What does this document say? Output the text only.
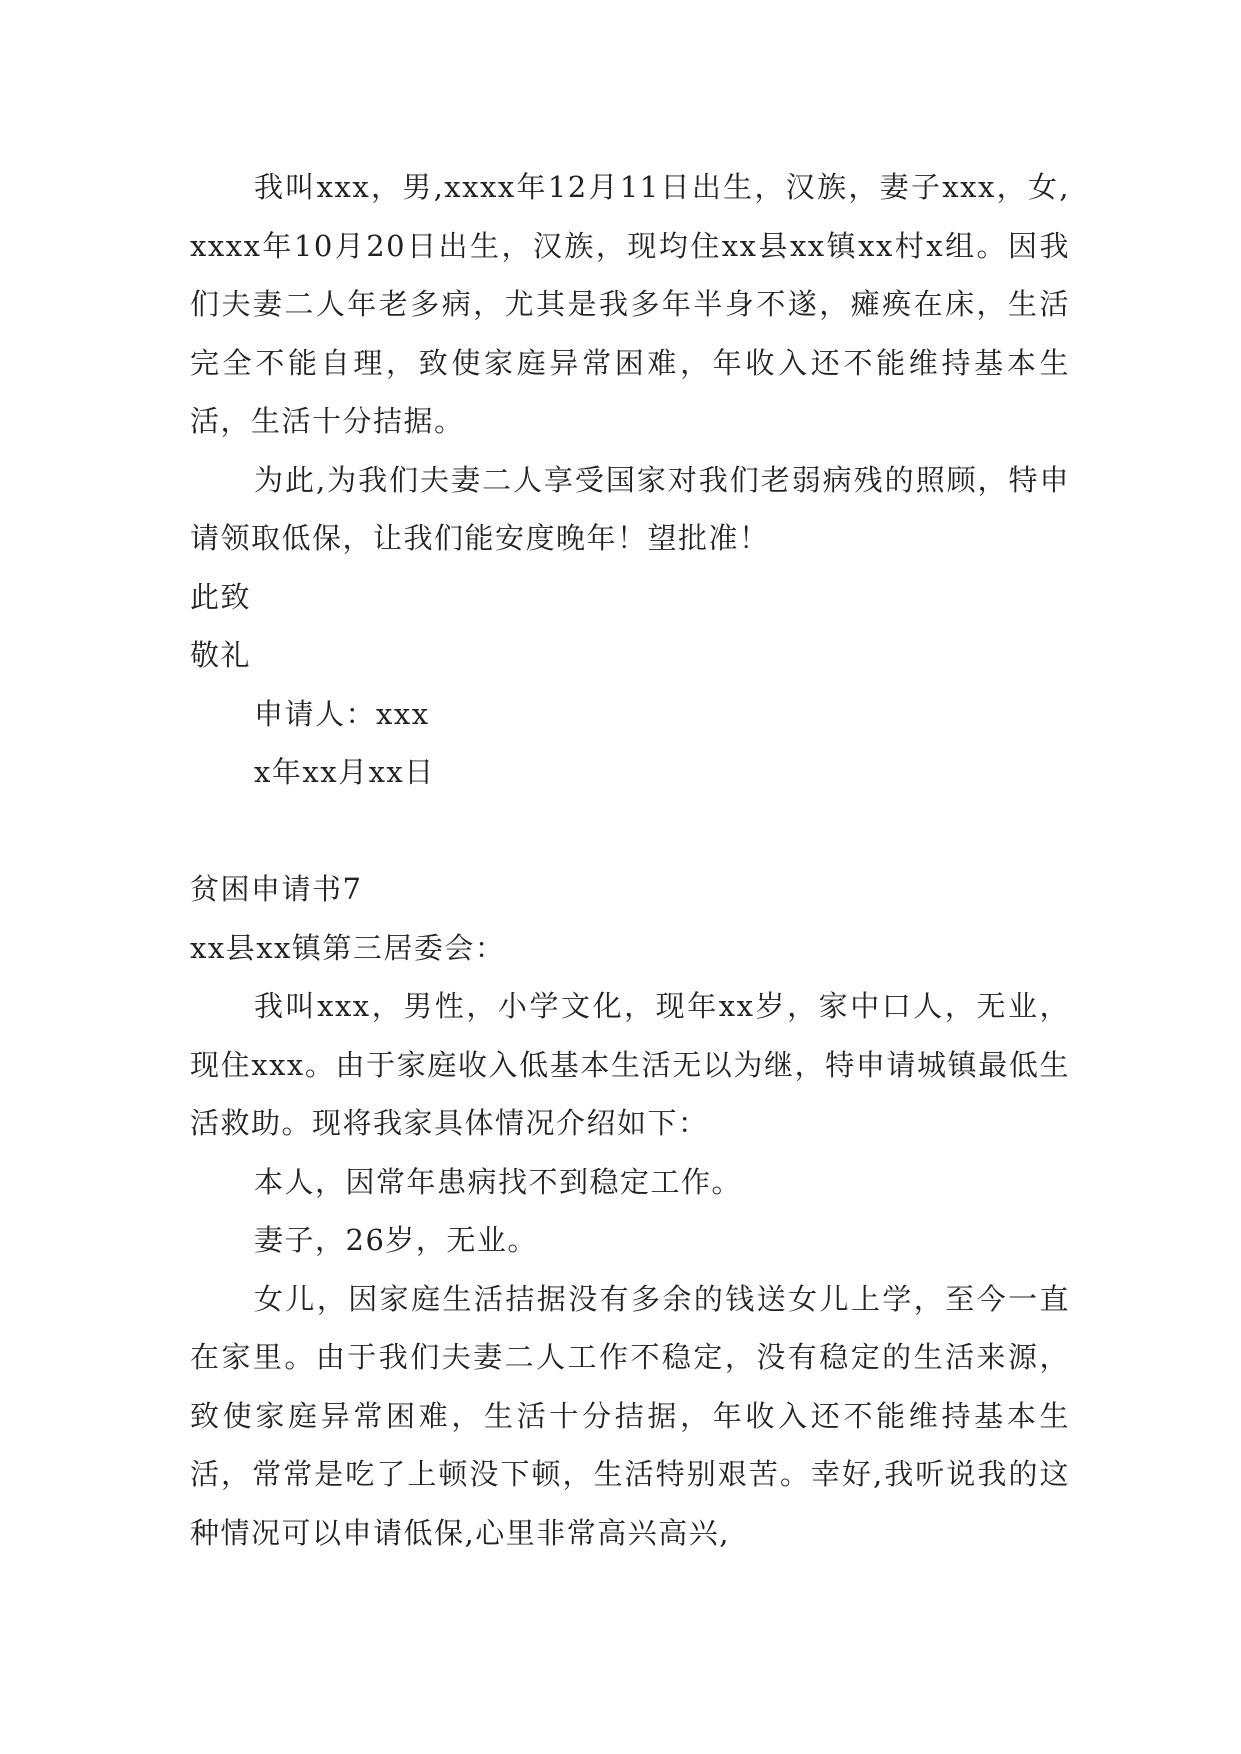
我叫xxx，男,xxxx年12月11日出生，汉族，妻子xxx，女,xxxx年10月20日出生，汉族，现均住xx县xx镇xx村x组。因我们夫妻二人年老多病，尤其是我多年半身不遂，瘫痪在床，生活完全不能自理，致使家庭异常困难，年收入还不能维持基本生活，生活十分拮据。

为此,为我们夫妻二人享受国家对我们老弱病残的照顾，特申请领取低保，让我们能安度晚年！望批准！

此致

敬礼

申请人：xxx

x年xx月xx日

贫困申请书7

xx县xx镇第三居委会：

我叫xxx，男性，小学文化，现年xx岁，家中口人，无业，现住xxx。由于家庭收入低基本生活无以为继，特申请城镇最低生活救助。现将我家具体情况介绍如下：

本人，因常年患病找不到稳定工作。

妻子，26岁，无业。

女儿，因家庭生活拮据没有多余的钱送女儿上学，至今一直在家里。由于我们夫妻二人工作不稳定，没有稳定的生活来源，致使家庭异常困难，生活十分拮据，年收入还不能维持基本生活，常常是吃了上顿没下顿，生活特别艰苦。幸好,我听说我的这种情况可以申请低保,心里非常高兴高兴,
